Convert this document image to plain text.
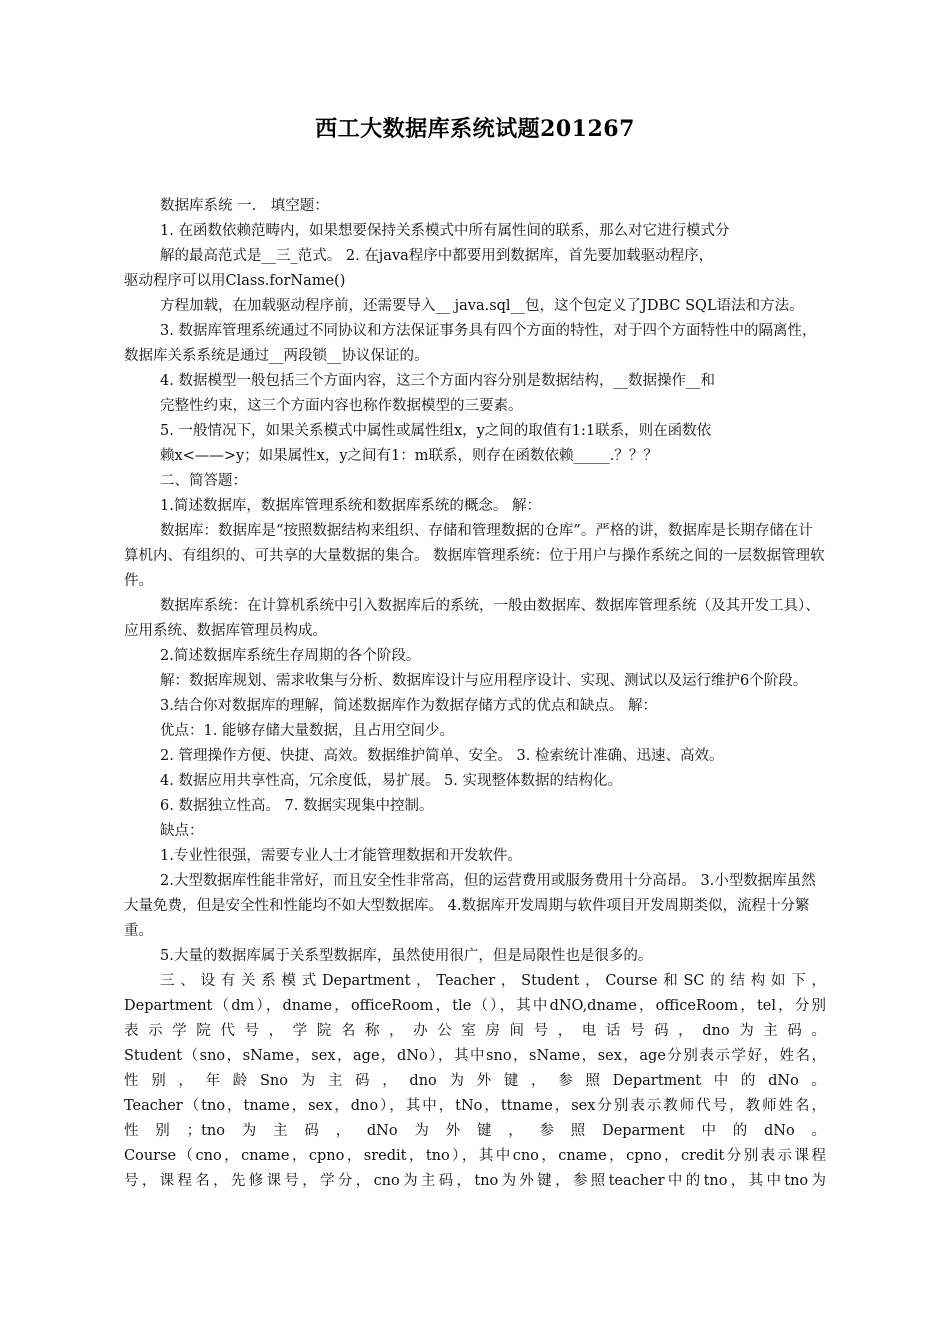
西工大数据库系统试题201267

数据库系统 一.　填空题：

1. 在函数依赖范畴内，如果想要保持关系模式中所有属性间的联系，那么对它进行模式分

解的最高范式是__三_范式。 2. 在java程序中都要用到数据库，首先要加载驱动程序，

驱动程序可以用Class.forName()

方程加载，在加载驱动程序前，还需要导入__ java.sql__包，这个包定义了JDBC SQL语法和方法。

3. 数据库管理系统通过不同协议和方法保证事务具有四个方面的特性，对于四个方面特性中的隔离性，数据库关系系统是通过__两段锁__协议保证的。

4. 数据模型一般包括三个方面内容，这三个方面内容分别是数据结构，__数据操作__和

完整性约束，这三个方面内容也称作数据模型的三要素。

5. 一般情况下，如果关系模式中属性或属性组x，y之间的取值有1:1联系，则在函数依

赖x<——>y；如果属性x，y之间有1：m联系，则存在函数依赖_____.？？？

二、简答题：

1.简述数据库，数据库管理系统和数据库系统的概念。 解：

数据库：数据库是“按照数据结构来组织、存储和管理数据的仓库”。严格的讲，数据库是长期存储在计算机内、有组织的、可共享的大量数据的集合。 数据库管理系统：位于用户与操作系统之间的一层数据管理软件。

数据库系统：在计算机系统中引入数据库后的系统，一般由数据库、数据库管理系统（及其开发工具）、应用系统、数据库管理员构成。

2.简述数据库系统生存周期的各个阶段。

解：数据库规划、需求收集与分析、数据库设计与应用程序设计、实现、测试以及运行维护6个阶段。

3.结合你对数据库的理解，简述数据库作为数据存储方式的优点和缺点。 解：

优点：1. 能够存储大量数据，且占用空间少。

2. 管理操作方便、快捷、高效。数据维护简单、安全。 3. 检索统计准确、迅速、高效。

4. 数据应用共享性高，冗余度低，易扩展。 5. 实现整体数据的结构化。

6. 数据独立性高。 7. 数据实现集中控制。

缺点：

1.专业性很强，需要专业人士才能管理数据和开发软件。

2.大型数据库性能非常好，而且安全性非常高，但的运营费用或服务费用十分高昂。 3.小型数据库虽然大量免费，但是安全性和性能均不如大型数据库。 4.数据库开发周期与软件项目开发周期类似，流程十分繁重。

5.大量的数据库属于关系型数据库，虽然使用很广，但是局限性也是很多的。

三、设有关系模式Department，Teacher，Student，Course和SC的结构如下，

Department（dm），dname，officeRoom，tle（），其中dNO,dname，officeRoom，tel，分别

表示学院代号，学院名称，办公室房间号，电话号码，dno为主码。

Student（sno，sName，sex，age，dNo），其中sno，sName，sex，age分别表示学好，姓名，

性别，年龄Sno为主码，dno为外键，参照Department中的dNo。

Teacher（tno，tname，sex，dno），其中，tNo，ttname，sex分别表示教师代号，教师姓名，

性别；tno为主码，dNo为外键，参照Deparment中的dNo。

Course（cno，cname，cpno，sredit，tno），其中cno，cname，cpno，credit分别表示课程

号，课程名，先修课号，学分，cno为主码，tno为外键，参照teacher中的tno，其中tno为
